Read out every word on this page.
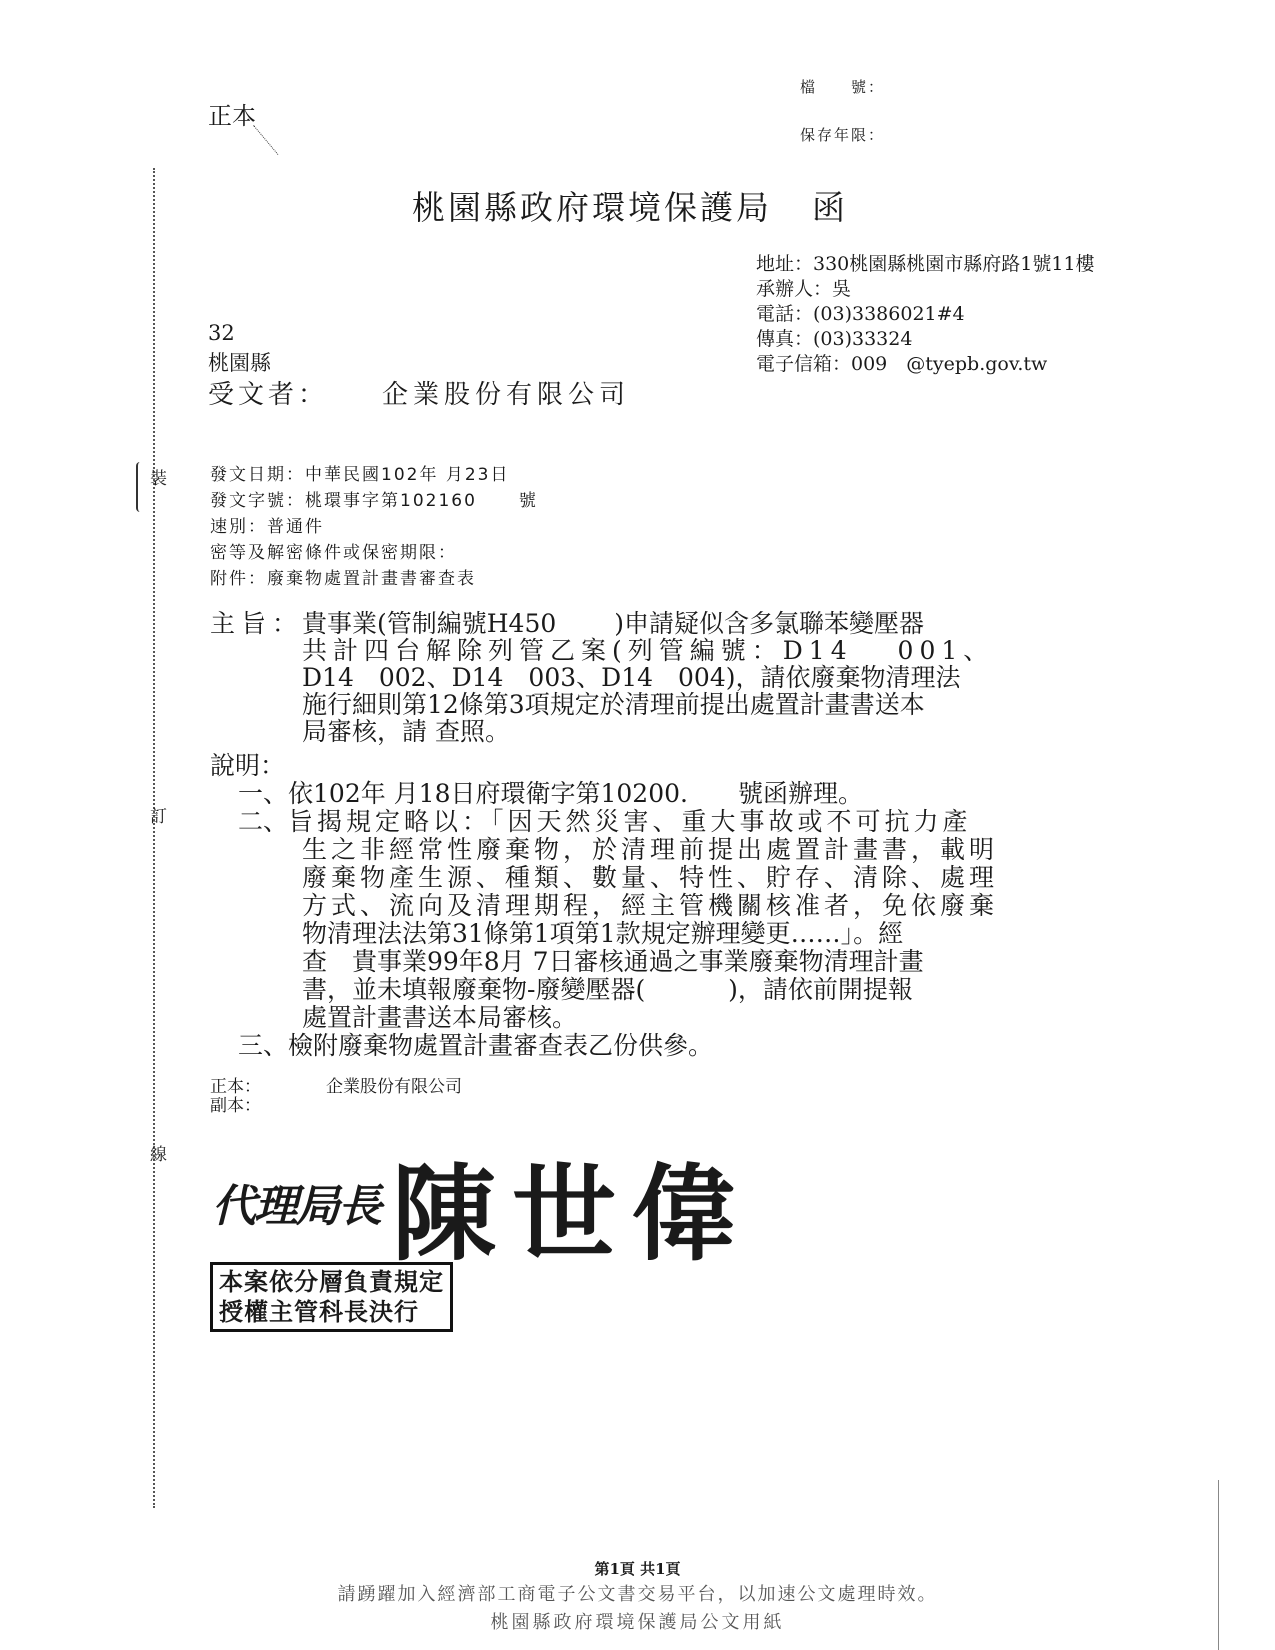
裝
訂
線
正本
檔　　號：
保存年限：
桃園縣政府環境保護局 函
地址：330桃園縣桃園市縣府路1號11樓
承辦人：吳
電話：(03)3386021#4
傳真：(03)33324
電子信箱：009　@tyepb.gov.tw
32
桃園縣
受文者： 企業股份有限公司
發文日期：中華民國102年 月23日
發文字號：桃環事字第102160 號
速別：普通件
密等及解密條件或保密期限：
附件：廢棄物處置計畫書審查表
主旨：貴事業(管制編號H450　　 )申請疑似含多氯聯苯變壓器
共計四台解除列管乙案(列管編號：D14　 001、
D14　002、D14　003、D14　004)，請依廢棄物清理法
施行細則第12條第3項規定於清理前提出處置計畫書送本
局審核，請 查照。
說明：
一、依102年 月18日府環衛字第10200.　　號函辦理。
二、旨揭規定略以：「因天然災害、重大事故或不可抗力產
生之非經常性廢棄物，於清理前提出處置計畫書，載明
廢棄物產生源、種類、數量、特性、貯存、清除、處理
方式、流向及清理期程，經主管機關核准者，免依廢棄
物清理法法第31條第1項第1款規定辦理變更……」。經
查　貴事業99年8月 7日審核通過之事業廢棄物清理計畫
書，並未填報廢棄物-廢變壓器(　　　 )，請依前開提報
處置計畫書送本局審核。
三、檢附廢棄物處置計畫審查表乙份供參。
正本：
副本：
企業股份有限公司
代理局長 陳世偉
本案依分層負責規定
授權主管科長決行
第1頁 共1頁
請踴躍加入經濟部工商電子公文書交易平台，以加速公文處理時效。
桃園縣政府環境保護局公文用紙
